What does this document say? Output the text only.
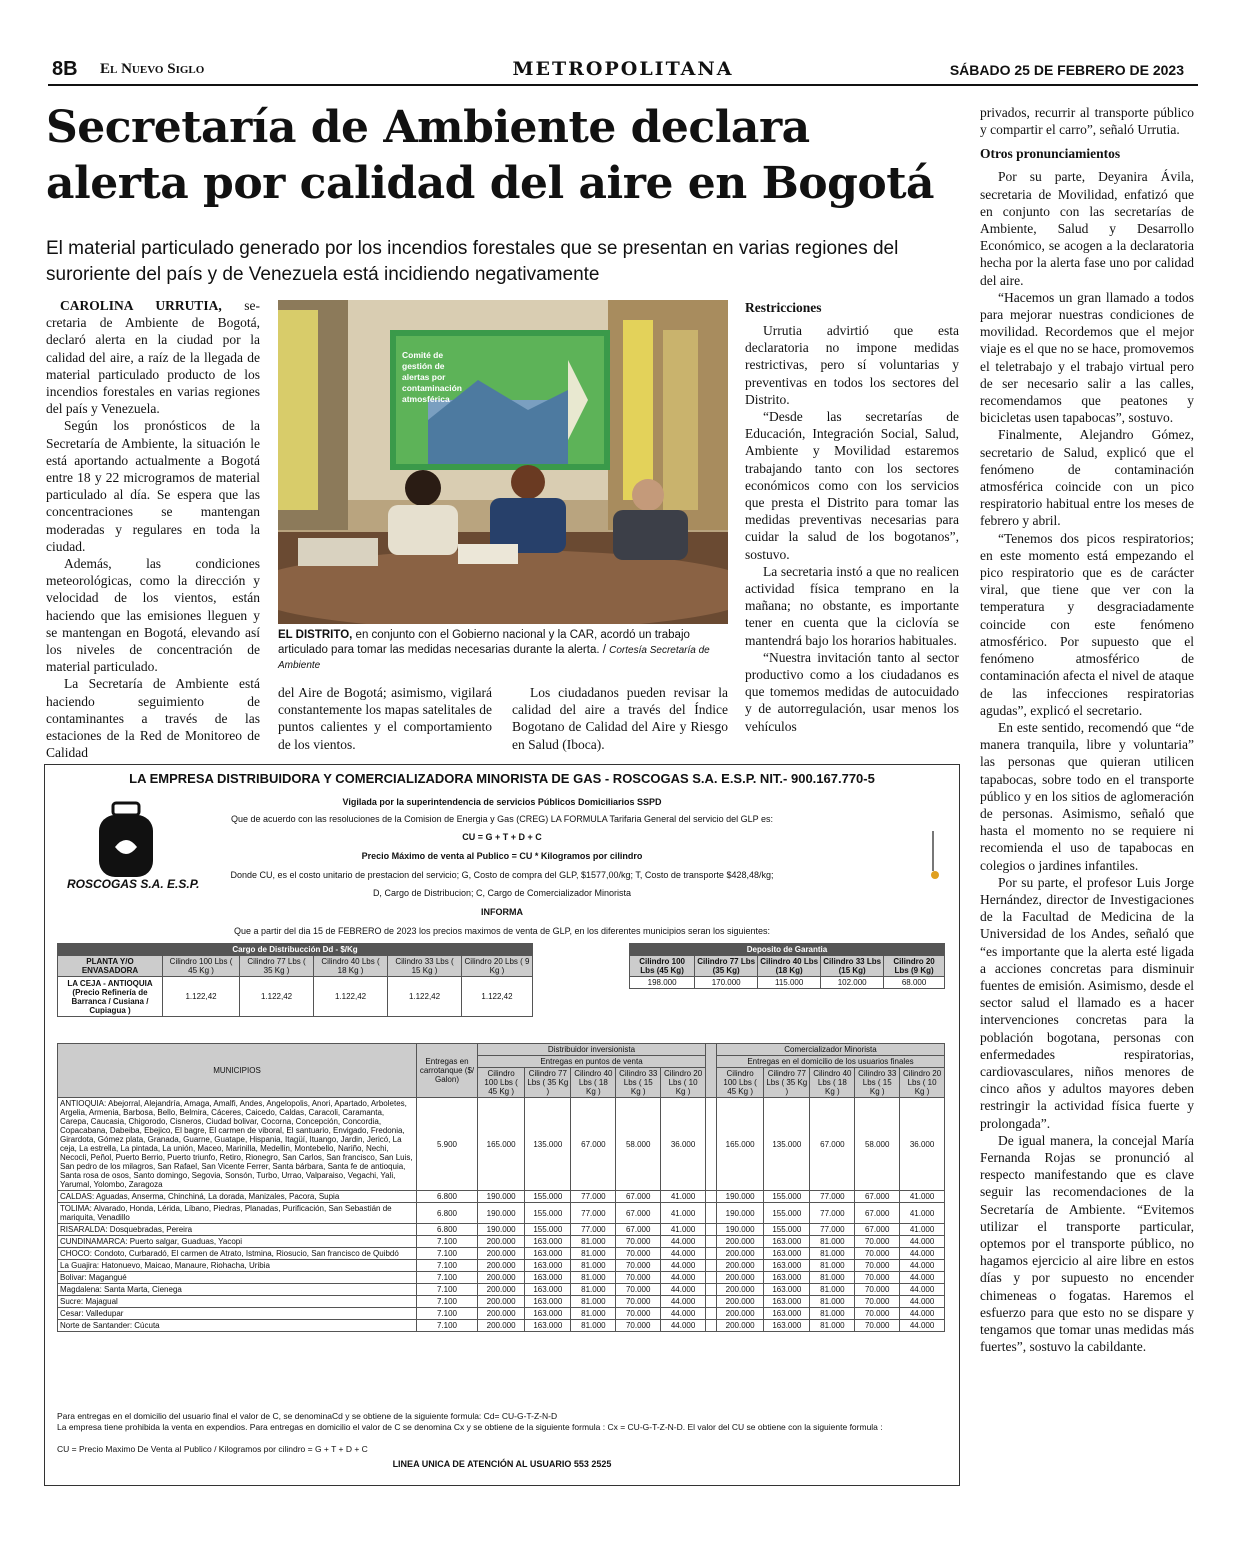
8B El Nuevo Siglo	METROPOLITANA	SÁBADO 25 DE FEBRERO DE 2023
Secretaría de Ambiente declara alerta por calidad del aire en Bogotá
El material particulado generado por los incendios forestales que se presentan en varias regiones del suroriente del país y de Venezuela está incidiendo negativamente

CAROLINA URRUTIA, se-cretaria de Ambiente de Bogotá, declaró alerta en la ciudad por la calidad del aire, a raíz de la llegada de material particulado producto de los incendios forestales en varias regiones del país y Venezuela.

Según los pronósticos de la Secretaría de Ambiente, la situación le está aportando actualmente a Bogotá entre 18 y 22 microgramos de material particulado al día. Se espera que las concentraciones se mantengan moderadas y regulares en toda la ciudad.

Además, las condiciones meteorológicas, como la dirección y velocidad de los vientos, están haciendo que las emisiones lleguen y se mantengan en Bogotá, elevando así los niveles de concentración de material particulado.

La Secretaría de Ambiente está haciendo seguimiento de contaminantes a través de las estaciones de la Red de Monitoreo de Calidad

Comité de gestión de alertas por contaminación atmosférica
EL DISTRITO, en conjunto con el Gobierno nacional y la CAR, acordó un trabajo articulado para tomar las medidas necesarias durante la alerta. / Cortesía Secretaría de Ambiente

del Aire de Bogotá; asimismo, vigilará constantemente los mapas satelitales de puntos calientes y el comportamiento de los vientos.

Los ciudadanos pueden revisar la calidad del aire a través del Índice Bogotano de Calidad del Aire y Riesgo en Salud (Iboca).

Restricciones

Urrutia advirtió que esta declaratoria no impone medidas restrictivas, pero sí voluntarias y preventivas en todos los sectores del Distrito.

“Desde las secretarías de Educación, Integración Social, Salud, Ambiente y Movilidad estaremos trabajando tanto con los sectores económicos como con los servicios que presta el Distrito para tomar las medidas preventivas necesarias para cuidar la salud de los bogotanos”, sostuvo.

La secretaria instó a que no realicen actividad física temprano en la mañana; no obstante, es importante tener en cuenta que la ciclovía se mantendrá bajo los horarios habituales.

“Nuestra invitación tanto al sector productivo como a los ciudadanos es que tomemos medidas de autocuidado y de autorregulación, usar menos los vehículos

privados, recurrir al transporte público y compartir el carro”, señaló Urrutia.

Otros pronunciamientos

Por su parte, Deyanira Ávila, secretaria de Movilidad, enfatizó que en conjunto con las secretarías de Ambiente, Salud y Desarrollo Económico, se acogen a la declaratoria hecha por la alerta fase uno por calidad del aire.

“Hacemos un gran llamado a todos para mejorar nuestras condiciones de movilidad. Recordemos que el mejor viaje es el que no se hace, promovemos el teletrabajo y el trabajo virtual pero de ser necesario salir a las calles, recomendamos que peatones y bicicletas usen tapabocas”, sostuvo.

Finalmente, Alejandro Gómez, secretario de Salud, explicó que el fenómeno de contaminación atmosférica coincide con un pico respiratorio habitual entre los meses de febrero y abril.

“Tenemos dos picos respiratorios; en este momento está empezando el pico respiratorio que es de carácter viral, que tiene que ver con la temperatura y desgraciadamente coincide con este fenómeno atmosférico. Por supuesto que el fenómeno atmosférico de contaminación afecta el nivel de ataque de las infecciones respiratorias agudas”, explicó el secretario.

En este sentido, recomendó que “de manera tranquila, libre y voluntaria” las personas que quieran utilicen tapabocas, sobre todo en el transporte público y en los sitios de aglomeración de personas. Asimismo, señaló que hasta el momento no se requiere ni recomienda el uso de tapabocas en colegios o jardines infantiles.

Por su parte, el profesor Luis Jorge Hernández, director de Investigaciones de la Facultad de Medicina de la Universidad de los Andes, señaló que “es importante que la alerta esté ligada a acciones concretas para disminuir fuentes de emisión. Asimismo, desde el sector salud el llamado es a hacer intervenciones concretas para la población bogotana, personas con enfermedades respiratorias, cardiovasculares, niños menores de cinco años y adultos mayores deben restringir la actividad física fuerte y prolongada”.

De igual manera, la concejal María Fernanda Rojas se pronunció al respecto manifestando que es clave seguir las recomendaciones de la Secretaría de Ambiente. “Evitemos utilizar el transporte particular, optemos por el transporte público, no hagamos ejercicio al aire libre en estos días y por supuesto no encender chimeneas o fogatas. Haremos el esfuerzo para que esto no se dispare y tengamos que tomar unas medidas más fuertes”, sostuvo la cabildante.

LA EMPRESA DISTRIBUIDORA Y COMERCIALIZADORA MINORISTA DE GAS - ROSCOGAS S.A. E.S.P. NIT.- 900.167.770-5
Vigilada por la superintendencia de servicios Públicos Domiciliarios SSPD
Que de acuerdo con las resoluciones de la Comision de Energia y Gas (CREG) LA FORMULA Tarifaria General del servicio del GLP es:
CU = G + T + D + C
Precio Máximo de venta al Publico = CU * Kilogramos por cilindro
Donde CU, es el costo unitario de prestacion del servicio; G, Costo de compra del GLP, $1577,00/kg; T, Costo de transporte $428,48/kg;
D, Cargo de Distribucion; C, Cargo de Comercializador Minorista
INFORMA
Que a partir del dia 15 de FEBRERO de 2023 los precios maximos de venta de GLP, en los diferentes municipios seran los siguientes:
ROSCOGAS S.A. E.S.P.
Cargo de Distribucción Dd - $/Kg					
PLANTA Y/O ENVASADORA	Cilindro 100 Lbs ( 45 Kg )	Cilindro 77 Lbs ( 35 Kg )	Cilindro 40 Lbs ( 18 Kg )	Cilindro 33 Lbs ( 15 Kg )	Cilindro 20 Lbs ( 9 Kg )
LA CEJA - ANTIOQUIA (Precio Refinería de Barranca / Cusiana / Cupiagua )	1.122,42	1.122,42	1.122,42	1.122,42	1.122,42
Deposito de Garantia				
Cilindro 100 Lbs (45 Kg)	Cilindro 77 Lbs (35 Kg)	Cilindro 40 Lbs (18 Kg)	Cilindro 33 Lbs (15 Kg)	Cilindro 20 Lbs (9 Kg)
198.000	170.000	115.000	102.000	68.000
MUNICIPIOS	Entregas en carrotanque ($/ Galon)	Distribuidor inversionista						Comercializador Minorista				
		Entregas en puntos de venta						Entregas en el domicilio de los usuarios finales				
		Cilindro 100 Lbs ( 45 Kg )	Cilindro 77 Lbs ( 35 Kg )	Cilindro 40 Lbs ( 18 Kg )	Cilindro 33 Lbs ( 15 Kg )	Cilindro 20 Lbs ( 10 Kg )		Cilindro 100 Lbs ( 45 Kg )	Cilindro 77 Lbs ( 35 Kg )	Cilindro 40 Lbs ( 18 Kg )	Cilindro 33 Lbs ( 15 Kg )	Cilindro 20 Lbs ( 10 Kg )
ANTIOQUIA: Abejorral, Alejandría, Amaga, Amalfi, Andes, Angelopolis, Anori, Apartado, Arboletes, Argelia, Armenia, Barbosa, Bello, Belmira, Cáceres, Caicedo, Caldas, Caracoli, Caramanta, Carepa, Caucasia, Chigorodo, Cisneros, Ciudad bolivar, Cocorna, Concepción, Concordia, Copacabana, Dabeiba, Ebejico, El bagre, El carmen de viboral, El santuario, Envigado, Fredonia, Girardota, Gómez plata, Granada, Guarne, Guatape, Hispania, Itagüí, Ituango, Jardin, Jericó, La ceja, La estrella, La pintada, La unión, Maceo, Marinilla, Medellin, Montebello, Nariño, Nechi, Necocli, Peñol, Puerto Berrio, Puerto triunfo, Retiro, Rionegro, San Carlos, San francisco, San Luis, San pedro de los milagros, San Rafael, San Vicente Ferrer, Santa bárbara, Santa fe de antioquia, Santa rosa de osos, Santo domingo, Segovia, Sonsón, Turbo, Urrao, Valparaiso, Vegachi, Yali, Yarumal, Yolombo, Zaragoza	5.900	165.000	135.000	67.000	58.000	36.000		165.000	135.000	67.000	58.000	36.000
CALDAS: Aguadas, Anserma, Chinchiná, La dorada, Manizales, Pacora, Supia	6.800	190.000	155.000	77.000	67.000	41.000		190.000	155.000	77.000	67.000	41.000
TOLIMA: Alvarado, Honda, Lérida, Líbano, Piedras, Planadas, Purificación, San Sebastián de mariquita, Venadillo	6.800	190.000	155.000	77.000	67.000	41.000		190.000	155.000	77.000	67.000	41.000
RISARALDA: Dosquebradas, Pereira	6.800	190.000	155.000	77.000	67.000	41.000		190.000	155.000	77.000	67.000	41.000
CUNDINAMARCA: Puerto salgar, Guaduas, Yacopi	7.100	200.000	163.000	81.000	70.000	44.000		200.000	163.000	81.000	70.000	44.000
CHOCO: Condoto, Curbaradó, El carmen de Atrato, Istmina, Riosucio, San francisco de Quibdó	7.100	200.000	163.000	81.000	70.000	44.000		200.000	163.000	81.000	70.000	44.000
La Guajira: Hatonuevo, Maicao, Manaure, Riohacha, Uribia	7.100	200.000	163.000	81.000	70.000	44.000		200.000	163.000	81.000	70.000	44.000
Bolivar: Magangué	7.100	200.000	163.000	81.000	70.000	44.000		200.000	163.000	81.000	70.000	44.000
Magdalena: Santa Marta, Cienega	7.100	200.000	163.000	81.000	70.000	44.000		200.000	163.000	81.000	70.000	44.000
Sucre: Majagual	7.100	200.000	163.000	81.000	70.000	44.000		200.000	163.000	81.000	70.000	44.000
Cesar: Valledupar	7.100	200.000	163.000	81.000	70.000	44.000		200.000	163.000	81.000	70.000	44.000
Norte de Santander: Cúcuta	7.100	200.000	163.000	81.000	70.000	44.000		200.000	163.000	81.000	70.000	44.000
Para entregas en el domicilio del usuario final el valor de C, se denominaCd y se obtiene de la siguiente formula: Cd= CU-G-T-Z-N-D
La empresa tiene prohibida la venta en expendios. Para entregas en domicilio el valor de C se denomina Cx y se obtiene de la siguiente formula : Cx = CU-G-T-Z-N-D. El valor del CU se obtiene con la siguiente formula :
CU = Precio Maximo De Venta al Publico / Kilogramos por cilindro = G + T + D + C
LINEA UNICA DE ATENCIÓN AL USUARIO 553 2525
